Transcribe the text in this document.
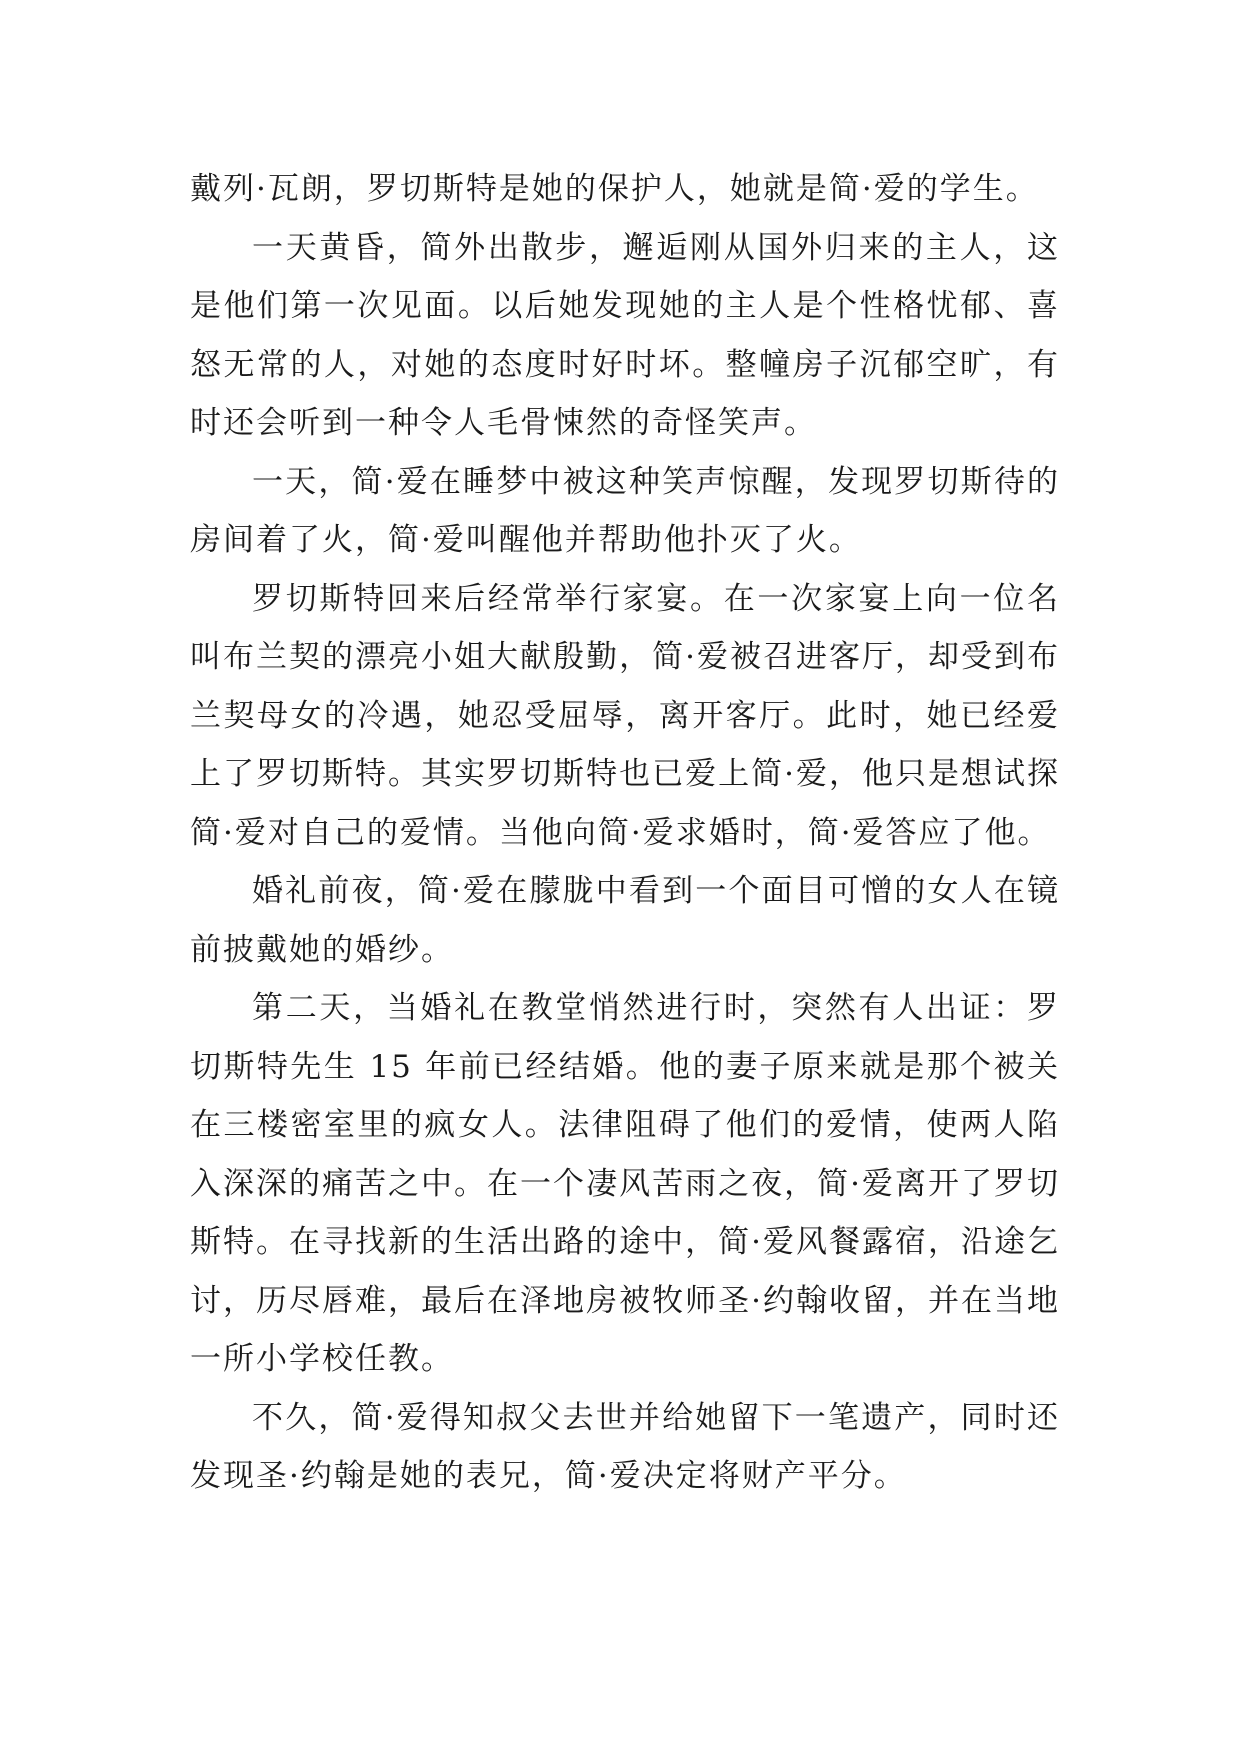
戴列·瓦朗，罗切斯特是她的保护人，她就是简·爱的学生。

一天黄昏，简外出散步，邂逅刚从国外归来的主人，这是他们第一次见面。以后她发现她的主人是个性格忧郁、喜怒无常的人，对她的态度时好时坏。整幢房子沉郁空旷，有时还会听到一种令人毛骨悚然的奇怪笑声。

一天，简·爱在睡梦中被这种笑声惊醒，发现罗切斯待的房间着了火，简·爱叫醒他并帮助他扑灭了火。

罗切斯特回来后经常举行家宴。在一次家宴上向一位名叫布兰契的漂亮小姐大献殷勤，简·爱被召进客厅，却受到布兰契母女的冷遇，她忍受屈辱，离开客厅。此时，她已经爱上了罗切斯特。其实罗切斯特也已爱上简·爱，他只是想试探简·爱对自己的爱情。当他向简·爱求婚时，简·爱答应了他。

婚礼前夜，简·爱在朦胧中看到一个面目可憎的女人在镜前披戴她的婚纱。

第二天，当婚礼在教堂悄然进行时，突然有人出证：罗切斯特先生 15 年前已经结婚。他的妻子原来就是那个被关在三楼密室里的疯女人。法律阻碍了他们的爱情，使两人陷入深深的痛苦之中。在一个凄风苦雨之夜，简·爱离开了罗切斯特。在寻找新的生活出路的途中，简·爱风餐露宿，沿途乞讨，历尽唇难，最后在泽地房被牧师圣·约翰收留，并在当地一所小学校任教。

不久，简·爱得知叔父去世并给她留下一笔遗产，同时还发现圣·约翰是她的表兄，简·爱决定将财产平分。
